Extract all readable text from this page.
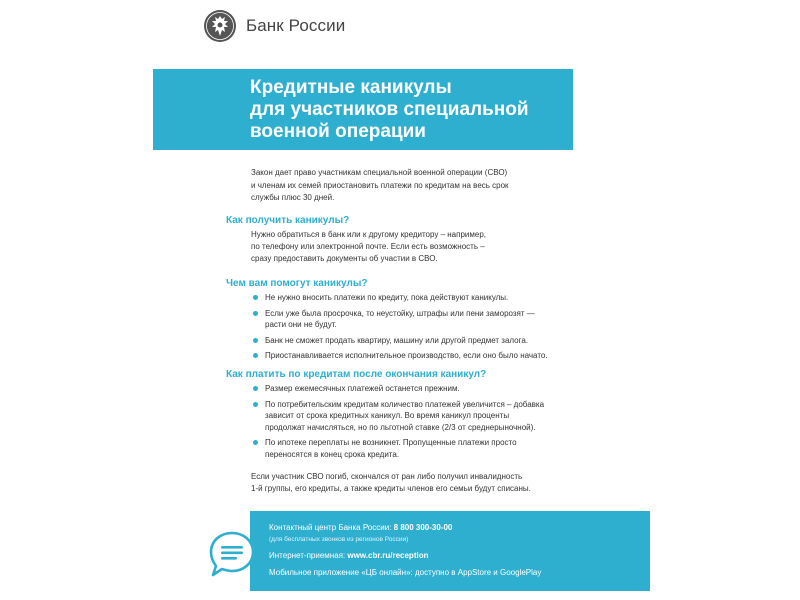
Банк России
Кредитные каникулы
для участников специальной
военной операции
Закон дает право участникам специальной военной операции (СВО)
и членам их семей приостановить платежи по кредитам на весь срок
службы плюс 30 дней.
Как получить каникулы?
Нужно обратиться в банк или к другому кредитору – например,
по телефону или электронной почте. Если есть возможность –
сразу предоставить документы об участии в СВО.
Чем вам помогут каникулы?
Не нужно вносить платежи по кредиту, пока действуют каникулы.
Если уже была просрочка, то неустойку, штрафы или пени заморозят —
расти они не будут.
Банк не сможет продать квартиру, машину или другой предмет залога.
Приостанавливается исполнительное производство, если оно было начато.
Как платить по кредитам после окончания каникул?
Размер ежемесячных платежей останется прежним.
По потребительским кредитам количество платежей увеличится – добавка
зависит от срока кредитных каникул. Во время каникул проценты
продолжат начисляться, но по льготной ставке (2/3 от среднерыночной).
По ипотеке переплаты не возникнет. Пропущенные платежи просто
переносятся в конец срока кредита.
Если участник СВО погиб, скончался от ран либо получил инвалидность
1-й группы, его кредиты, а также кредиты членов его семьи будут списаны.
Контактный центр Банка России: 8 800 300-30-00
(для бесплатных звонков из регионов России)
Интернет-приемная: www.cbr.ru/reception
Мобильное приложение «ЦБ онлайн»: доступно в AppStore и GooglePlay
